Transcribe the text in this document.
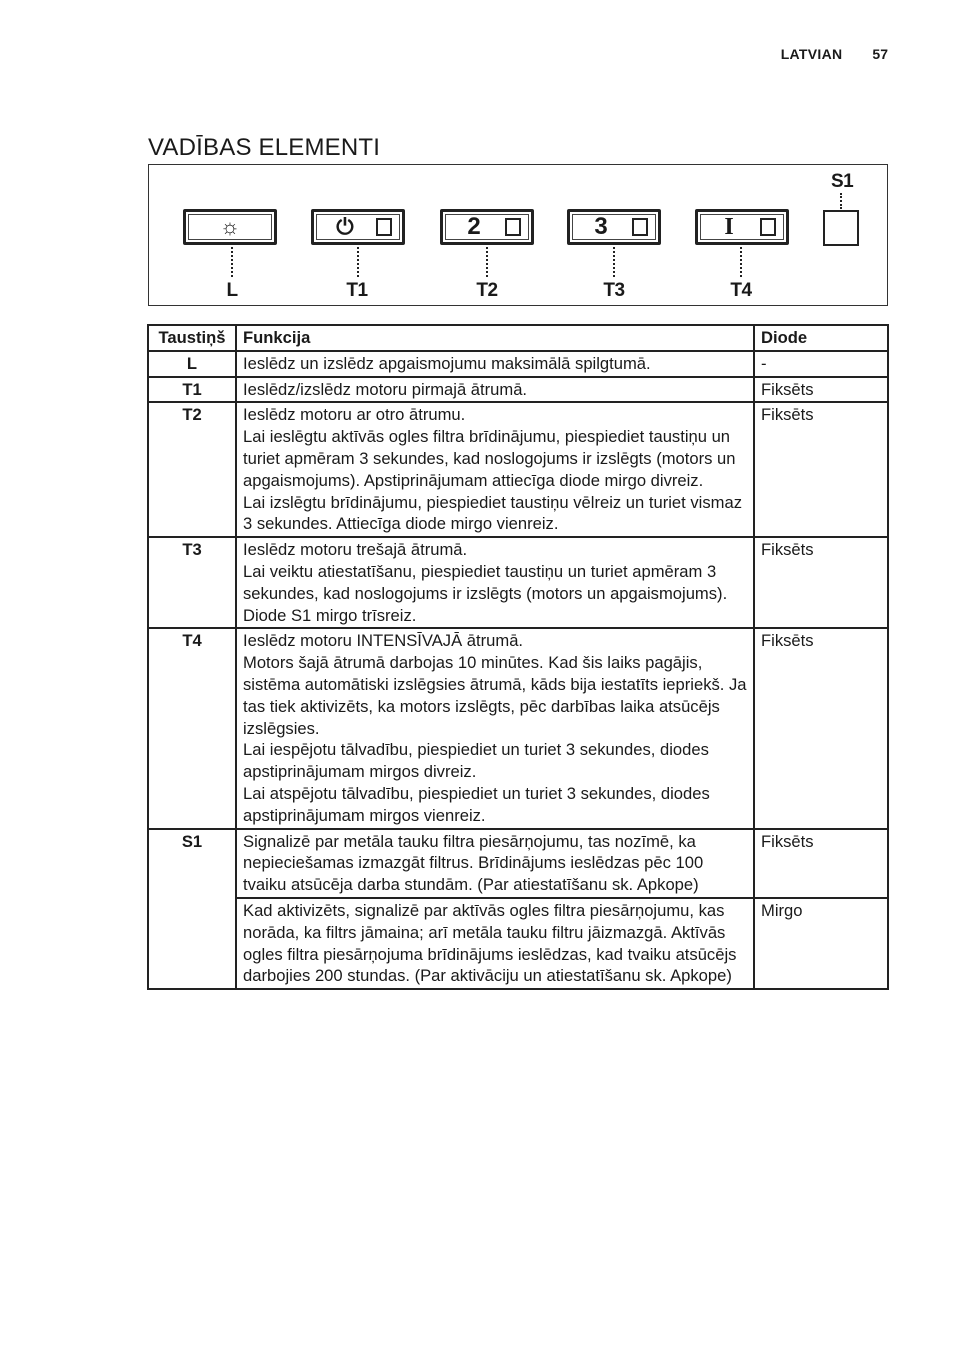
LATVIAN 57
VADĪBAS ELEMENTI
☼	⏻	2	3	I
S1
L	T1	T2	T3	T4
Taustiņš	Funkcija	Diode
L	Ieslēdz un izslēdz apgaismojumu maksimālā spilgtumā.	-
T1	Ieslēdz/izslēdz motoru pirmajā ātrumā.	Fiksēts
T2	Ieslēdz motoru ar otro ātrumu.
Lai ieslēgtu aktīvās ogles filtra brīdinājumu, piespiediet taustiņu un turiet apmēram 3 sekundes, kad noslogojums ir izslēgts (motors un apgaismojums). Apstiprinājumam attiecīga diode mirgo divreiz.
Lai izslēgtu brīdinājumu, piespiediet taustiņu vēlreiz un turiet vismaz 3 sekundes. Attiecīga diode mirgo vienreiz.	Fiksēts
T3	Ieslēdz motoru trešajā ātrumā.
Lai veiktu atiestatīšanu, piespiediet taustiņu un turiet apmēram 3 sekundes, kad noslogojums ir izslēgts (motors un apgaismojums). Diode S1 mirgo trīsreiz.	Fiksēts
T4	Ieslēdz motoru INTENSĪVAJĀ ātrumā.
Motors šajā ātrumā darbojas 10 minūtes. Kad šis laiks pagājis, sistēma automātiski izslēgsies ātrumā, kāds bija iestatīts iepriekš. Ja tas tiek aktivizēts, ka motors izslēgts, pēc darbības laika atsūcējs izslēgsies.
Lai iespējotu tālvadību, piespiediet un turiet 3 sekundes, diodes apstiprinājumam mirgos divreiz.
Lai atspējotu tālvadību, piespiediet un turiet 3 sekundes, diodes apstiprinājumam mirgos vienreiz.	Fiksēts
S1	Signalizē par metāla tauku filtra piesārņojumu, tas nozīmē, ka nepieciešamas izmazgāt filtrus. Brīdinājums ieslēdzas pēc 100 tvaiku atsūcēja darba stundām. (Par atiestatīšanu sk. Apkope)	Fiksēts

	Kad aktivizēts, signalizē par aktīvās ogles filtra piesārņojumu, kas norāda, ka filtrs jāmaina; arī metāla tauku filtru jāizmazgā. Aktīvās ogles filtra piesārņojuma brīdinājums ieslēdzas, kad tvaiku atsūcējs darbojies 200 stundas. (Par aktivāciju un atiestatīšanu sk. Apkope)	Mirgo
